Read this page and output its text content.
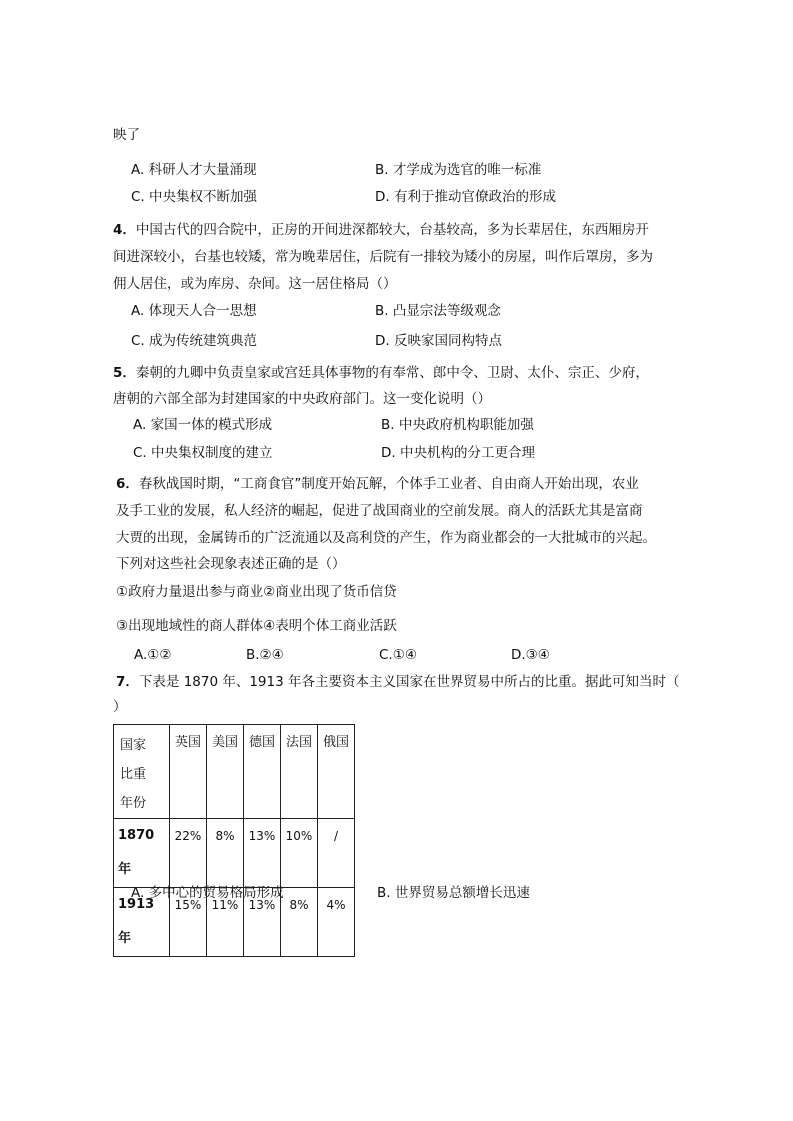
映了
A. 科研人才大量涌现	B. 才学成为选官的唯一标准
C. 中央集权不断加强	D. 有利于推动官僚政治的形成
4．中国古代的四合院中，正房的开间进深都较大，台基较高，多为长辈居住，东西厢房开
间进深较小，台基也较矮，常为晚辈居住，后院有一排较为矮小的房屋，叫作后罩房，多为
佣人居住，或为库房、杂间。这一居住格局（）
A. 体现天人合一思想	B. 凸显宗法等级观念
C. 成为传统建筑典范	D. 反映家国同构特点
5．秦朝的九卿中负责皇家或宫廷具体事物的有奉常、郎中令、卫尉、太仆、宗正、少府，
唐朝的六部全部为封建国家的中央政府部门。这一变化说明（）
A. 家国一体的模式形成	B. 中央政府机构职能加强
C. 中央集权制度的建立	D. 中央机构的分工更合理
6．春秋战国时期，“工商食官”制度开始瓦解，个体手工业者、自由商人开始出现，农业
及手工业的发展，私人经济的崛起，促进了战国商业的空前发展。商人的活跃尤其是富商
大贾的出现，金属铸币的广泛流通以及高利贷的产生，作为商业都会的一大批城市的兴起。
下列对这些社会现象表述正确的是（）
①政府力量退出参与商业②商业出现了货币信贷
③出现地域性的商人群体④表明个体工商业活跃
A.①②	B.②④	C.①④	D.③④
7．下表是 1870 年、1913 年各主要资本主义国家在世界贸易中所占的比重。据此可知当时（
）
国家
比重
年份	英国	美国	德国	法国	俄国
1870 年	22%	8%	13%	10%	/
1913 年	15%	11%	13%	8%	4%
A. 多中心的贸易格局形成	B. 世界贸易总额增长迅速
